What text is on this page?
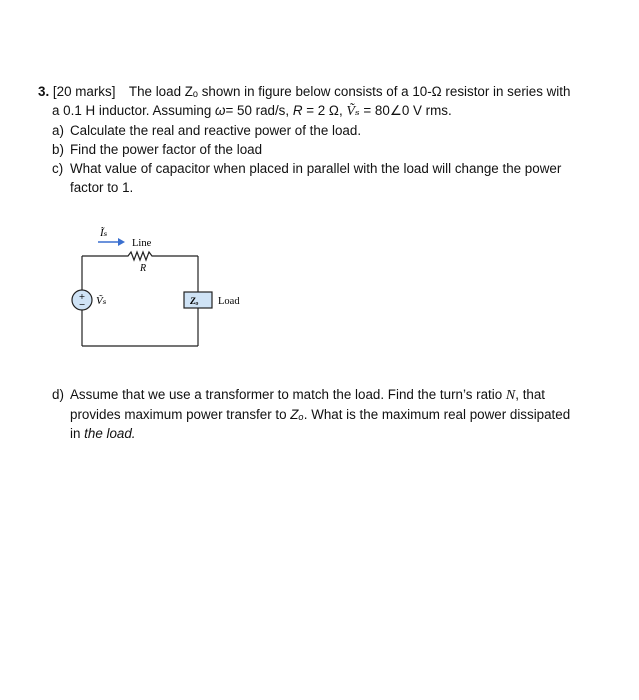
3. [20 marks] The load Zₒ shown in figure below consists of a 10-Ω resistor in series with

a 0.1 H inductor. Assuming ω= 50 rad/s, R = 2 Ω, Ṽₛ = 80∠0 V rms.

a) Calculate the real and reactive power of the load.
b) Find the power factor of the load
c) What value of capacitor when placed in parallel with the load will change the power
factor to 1.
Ĩₛ
Line
R
+
− Ṽₛ	Zₒ Load
d) Assume that we use a transformer to match the load. Find the turn’s ratio N, that
provides maximum power transfer to Zₒ. What is the maximum real power dissipated
in the load.
